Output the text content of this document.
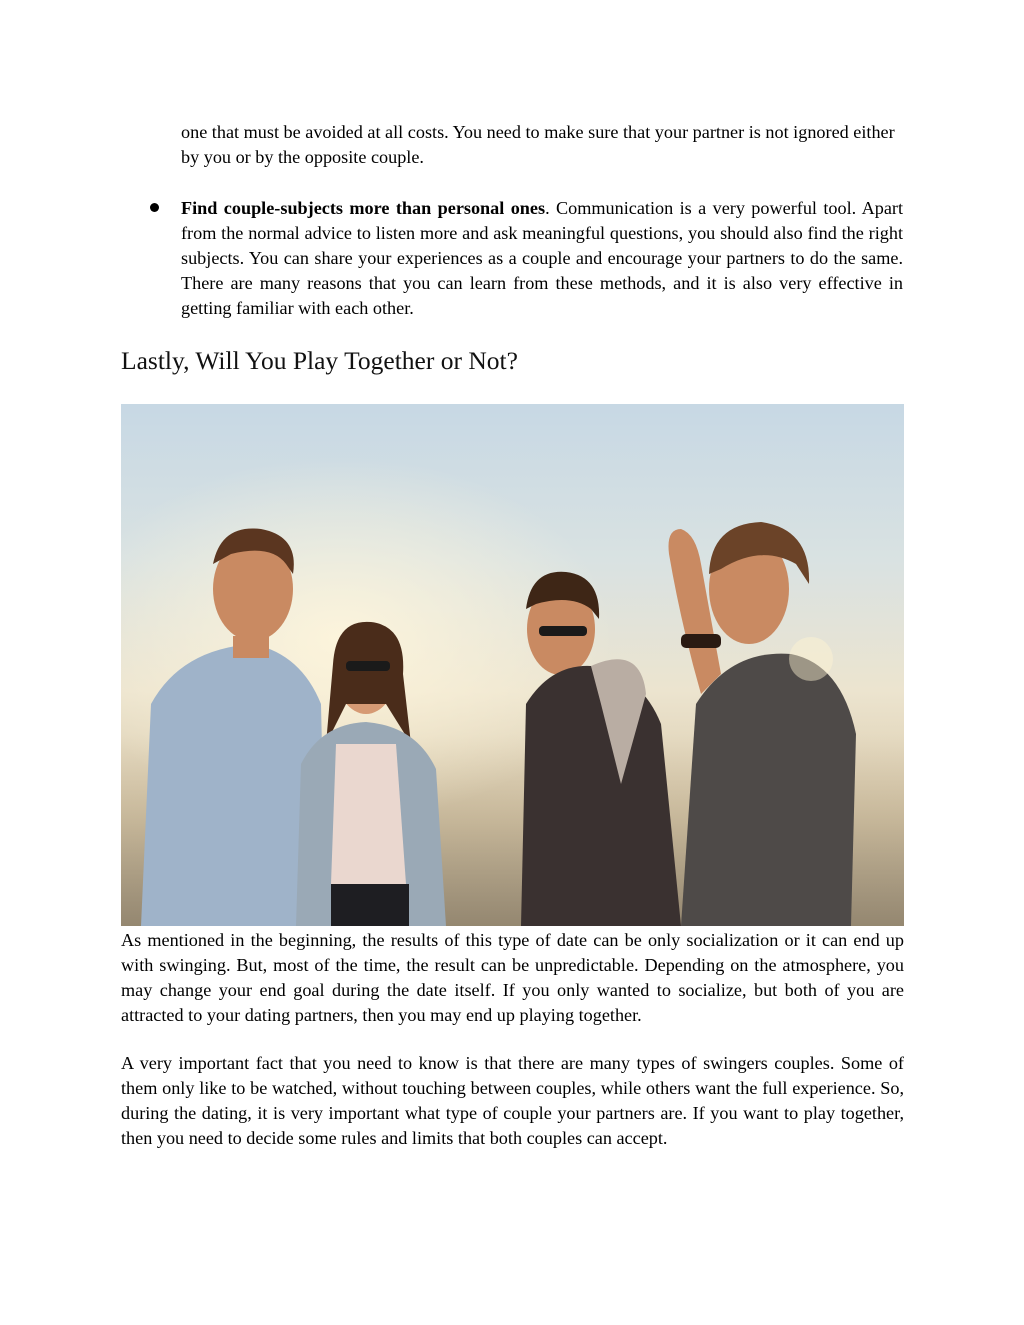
one that must be avoided at all costs. You need to make sure that your partner is not ignored either by you or by the opposite couple.

Find couple-subjects more than personal ones. Communication is a very powerful tool. Apart from the normal advice to listen more and ask meaningful questions, you should also find the right subjects. You can share your experiences as a couple and encourage your partners to do the same. There are many reasons that you can learn from these methods, and it is also very effective in getting familiar with each other.

Lastly, Will You Play Together or Not?

As mentioned in the beginning, the results of this type of date can be only socialization or it can end up with swinging. But, most of the time, the result can be unpredictable. Depending on the atmosphere, you may change your end goal during the date itself. If you only wanted to socialize, but both of you are attracted to your dating partners, then you may end up playing together.

A very important fact that you need to know is that there are many types of swingers couples. Some of them only like to be watched, without touching between couples, while others want the full experience. So, during the dating, it is very important what type of couple your partners are. If you want to play together, then you need to decide some rules and limits that both couples can accept.
